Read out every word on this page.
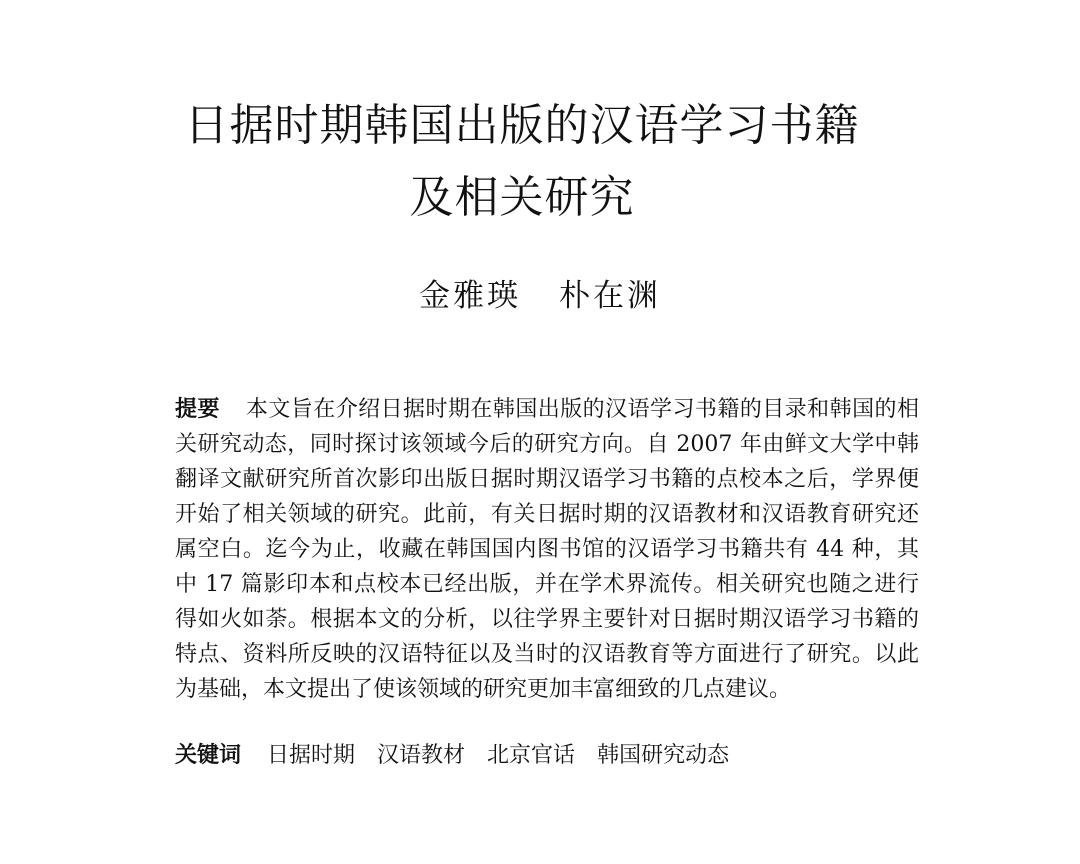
日据时期韩国出版的汉语学习书籍
及相关研究
金雅瑛 朴在渊
提要 本文旨在介绍日据时期在韩国出版的汉语学习书籍的目录和韩国的相关研究动态，同时探讨该领域今后的研究方向。自 2007 年由鲜文大学中韩翻译文献研究所首次影印出版日据时期汉语学习书籍的点校本之后，学界便开始了相关领域的研究。此前，有关日据时期的汉语教材和汉语教育研究还属空白。迄今为止，收藏在韩国国内图书馆的汉语学习书籍共有 44 种，其中 17 篇影印本和点校本已经出版，并在学术界流传。相关研究也随之进行得如火如荼。根据本文的分析，以往学界主要针对日据时期汉语学习书籍的特点、资料所反映的汉语特征以及当时的汉语教育等方面进行了研究。以此为基础，本文提出了使该领域的研究更加丰富细致的几点建议。
关键词 日据时期 汉语教材 北京官话 韩国研究动态
